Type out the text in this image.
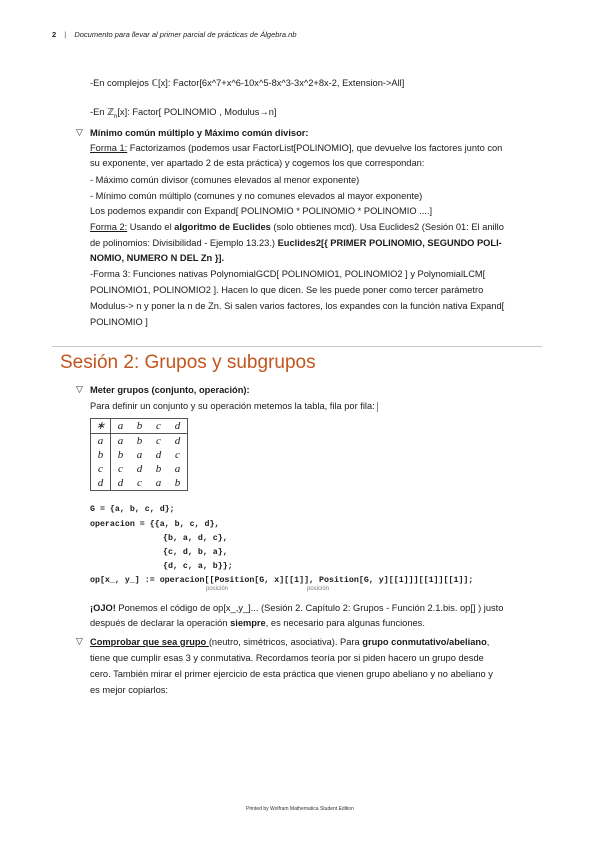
2 | Documento para llevar al primer parcial de prácticas de Álgebra.nb
-En complejos ℂ[x]: Factor[6x^7+x^6-10x^5-8x^3-3x^2+8x-2, Extension->All]
-En ℤ$_n$[x]: Factor[ POLINOMIO , Modulus→n]
▽ Mínimo común múltiplo y Máximo común divisor:
Forma 1: Factorizamos (podemos usar FactorList[POLINOMIO], que devuelve los factores junto con
su exponente, ver apartado 2 de esta práctica) y cogemos los que correspondan:
- Máximo común divisor (comunes elevados al menor exponente)
- Mínimo común múltiplo (comunes y no comunes elevados al mayor exponente)
Los podemos expandir con Expand[ POLINOMIO * POLINOMIO * POLINOMIO ....]
Forma 2: Usando el algoritmo de Euclides (solo obtienes mcd). Usa Euclides2 (Sesión 01: El anillo
de polinomios: Divisibilidad - Ejemplo 13.23.) Euclides2[{ PRIMER POLINOMIO, SEGUNDO POLI-
NOMIO, NUMERO N DEL Zn }].
-Forma 3: Funciones nativas PolynomialGCD[ POLINOMIO1, POLINOMIO2 ] y PolynomialLCM[
POLINOMIO1, POLINOMIO2 ]. Hacen lo que dicen. Se les puede poner como tercer parámetro
Modulus-> n y poner la n de Zn. Si salen varios factores, los expandes con la función nativa Expand[
POLINOMIO ]
Sesión 2: Grupos y subgrupos
▽ Meter grupos (conjunto, operación):
Para definir un conjunto y su operación metemos la tabla, fila por fila:
∗	a	b	c	d
a	a	b	c	d
b	b	a	d	c
c	c	d	b	a
d	d	c	a	b
G = {a, b, c, d};
operacion = {{a, b, c, d},
{b, a, d, c},
{c, d, b, a},
{d, c, a, b}};
op[x_, y_] := operacion[[Position[G, x][[1]], Position[G, y][[1]]][[1]][[1]];
posición	posición
¡OJO! Ponemos el código de op[x_,y_]... (Sesión 2. Capítulo 2: Grupos - Función 2.1.bis. op[] ) justo
después de declarar la operación siempre, es necesario para algunas funciones.
▽ Comprobar que sea grupo (neutro, simétricos, asociativa). Para grupo conmutativo/abeliano,
tiene que cumplir esas 3 y conmutativa. Recordamos teoría por si piden hacero un grupo desde
cero. También mirar el primer ejercicio de esta práctica que vienen grupo abeliano y no abeliano y
es mejor copiarlos:
Printed by Wolfram Mathematica Student Edition
